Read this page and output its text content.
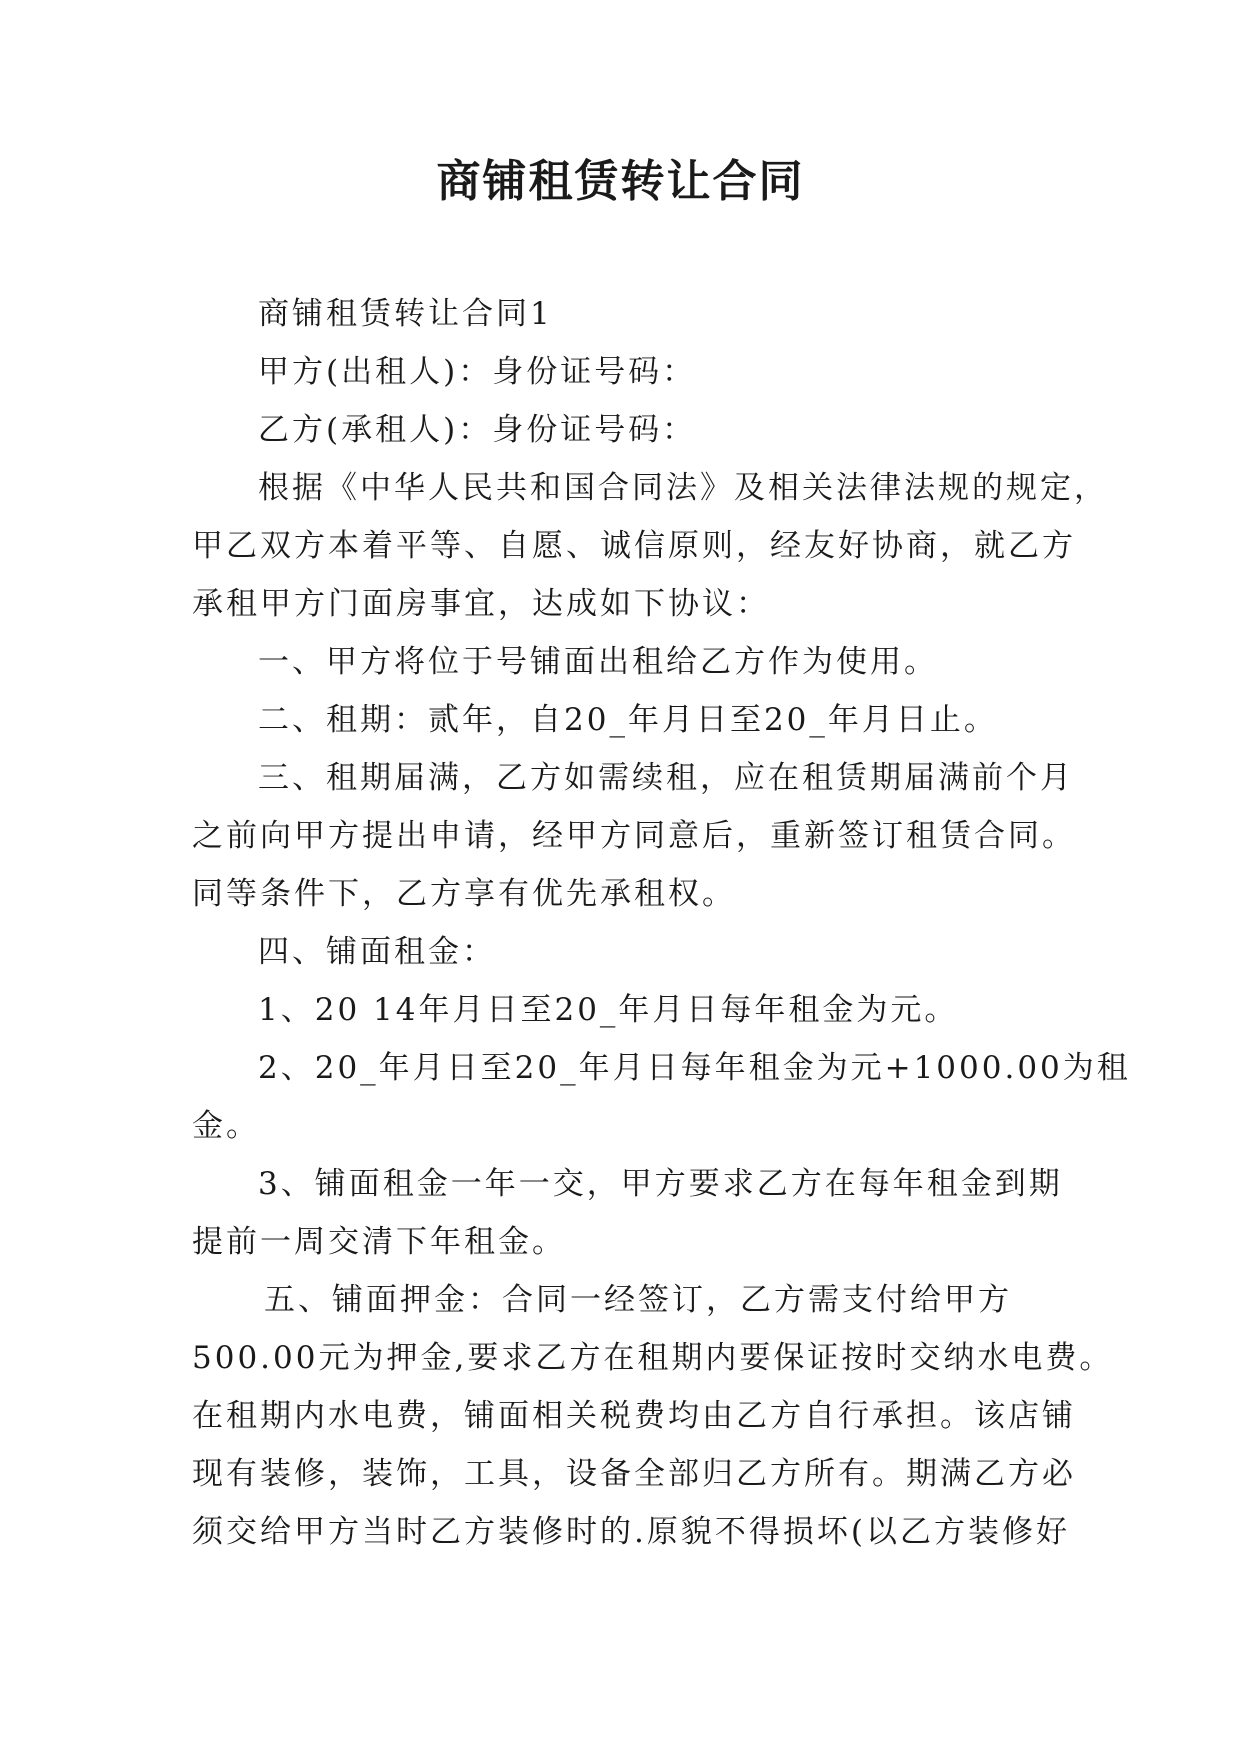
商铺租赁转让合同
商铺租赁转让合同1
甲方(出租人)：身份证号码：
乙方(承租人)：身份证号码：
根据《中华人民共和国合同法》及相关法律法规的规定，
甲乙双方本着平等、自愿、诚信原则，经友好协商，就乙方
承租甲方门面房事宜，达成如下协议：
一、甲方将位于号铺面出租给乙方作为使用。
二、租期：贰年，自20_年月日至20_年月日止。
三、租期届满，乙方如需续租，应在租赁期届满前个月
之前向甲方提出申请，经甲方同意后，重新签订租赁合同。
同等条件下，乙方享有优先承租权。
四、铺面租金：
1、20 14年月日至20_年月日每年租金为元。
2、20_年月日至20_年月日每年租金为元+1000.00为租
金。
3、铺面租金一年一交，甲方要求乙方在每年租金到期
提前一周交清下年租金。
五、铺面押金：合同一经签订，乙方需支付给甲方
500.00元为押金,要求乙方在租期内要保证按时交纳水电费。
在租期内水电费，铺面相关税费均由乙方自行承担。该店铺
现有装修，装饰，工具，设备全部归乙方所有。期满乙方必
须交给甲方当时乙方装修时的.原貌不得损坏(以乙方装修好
